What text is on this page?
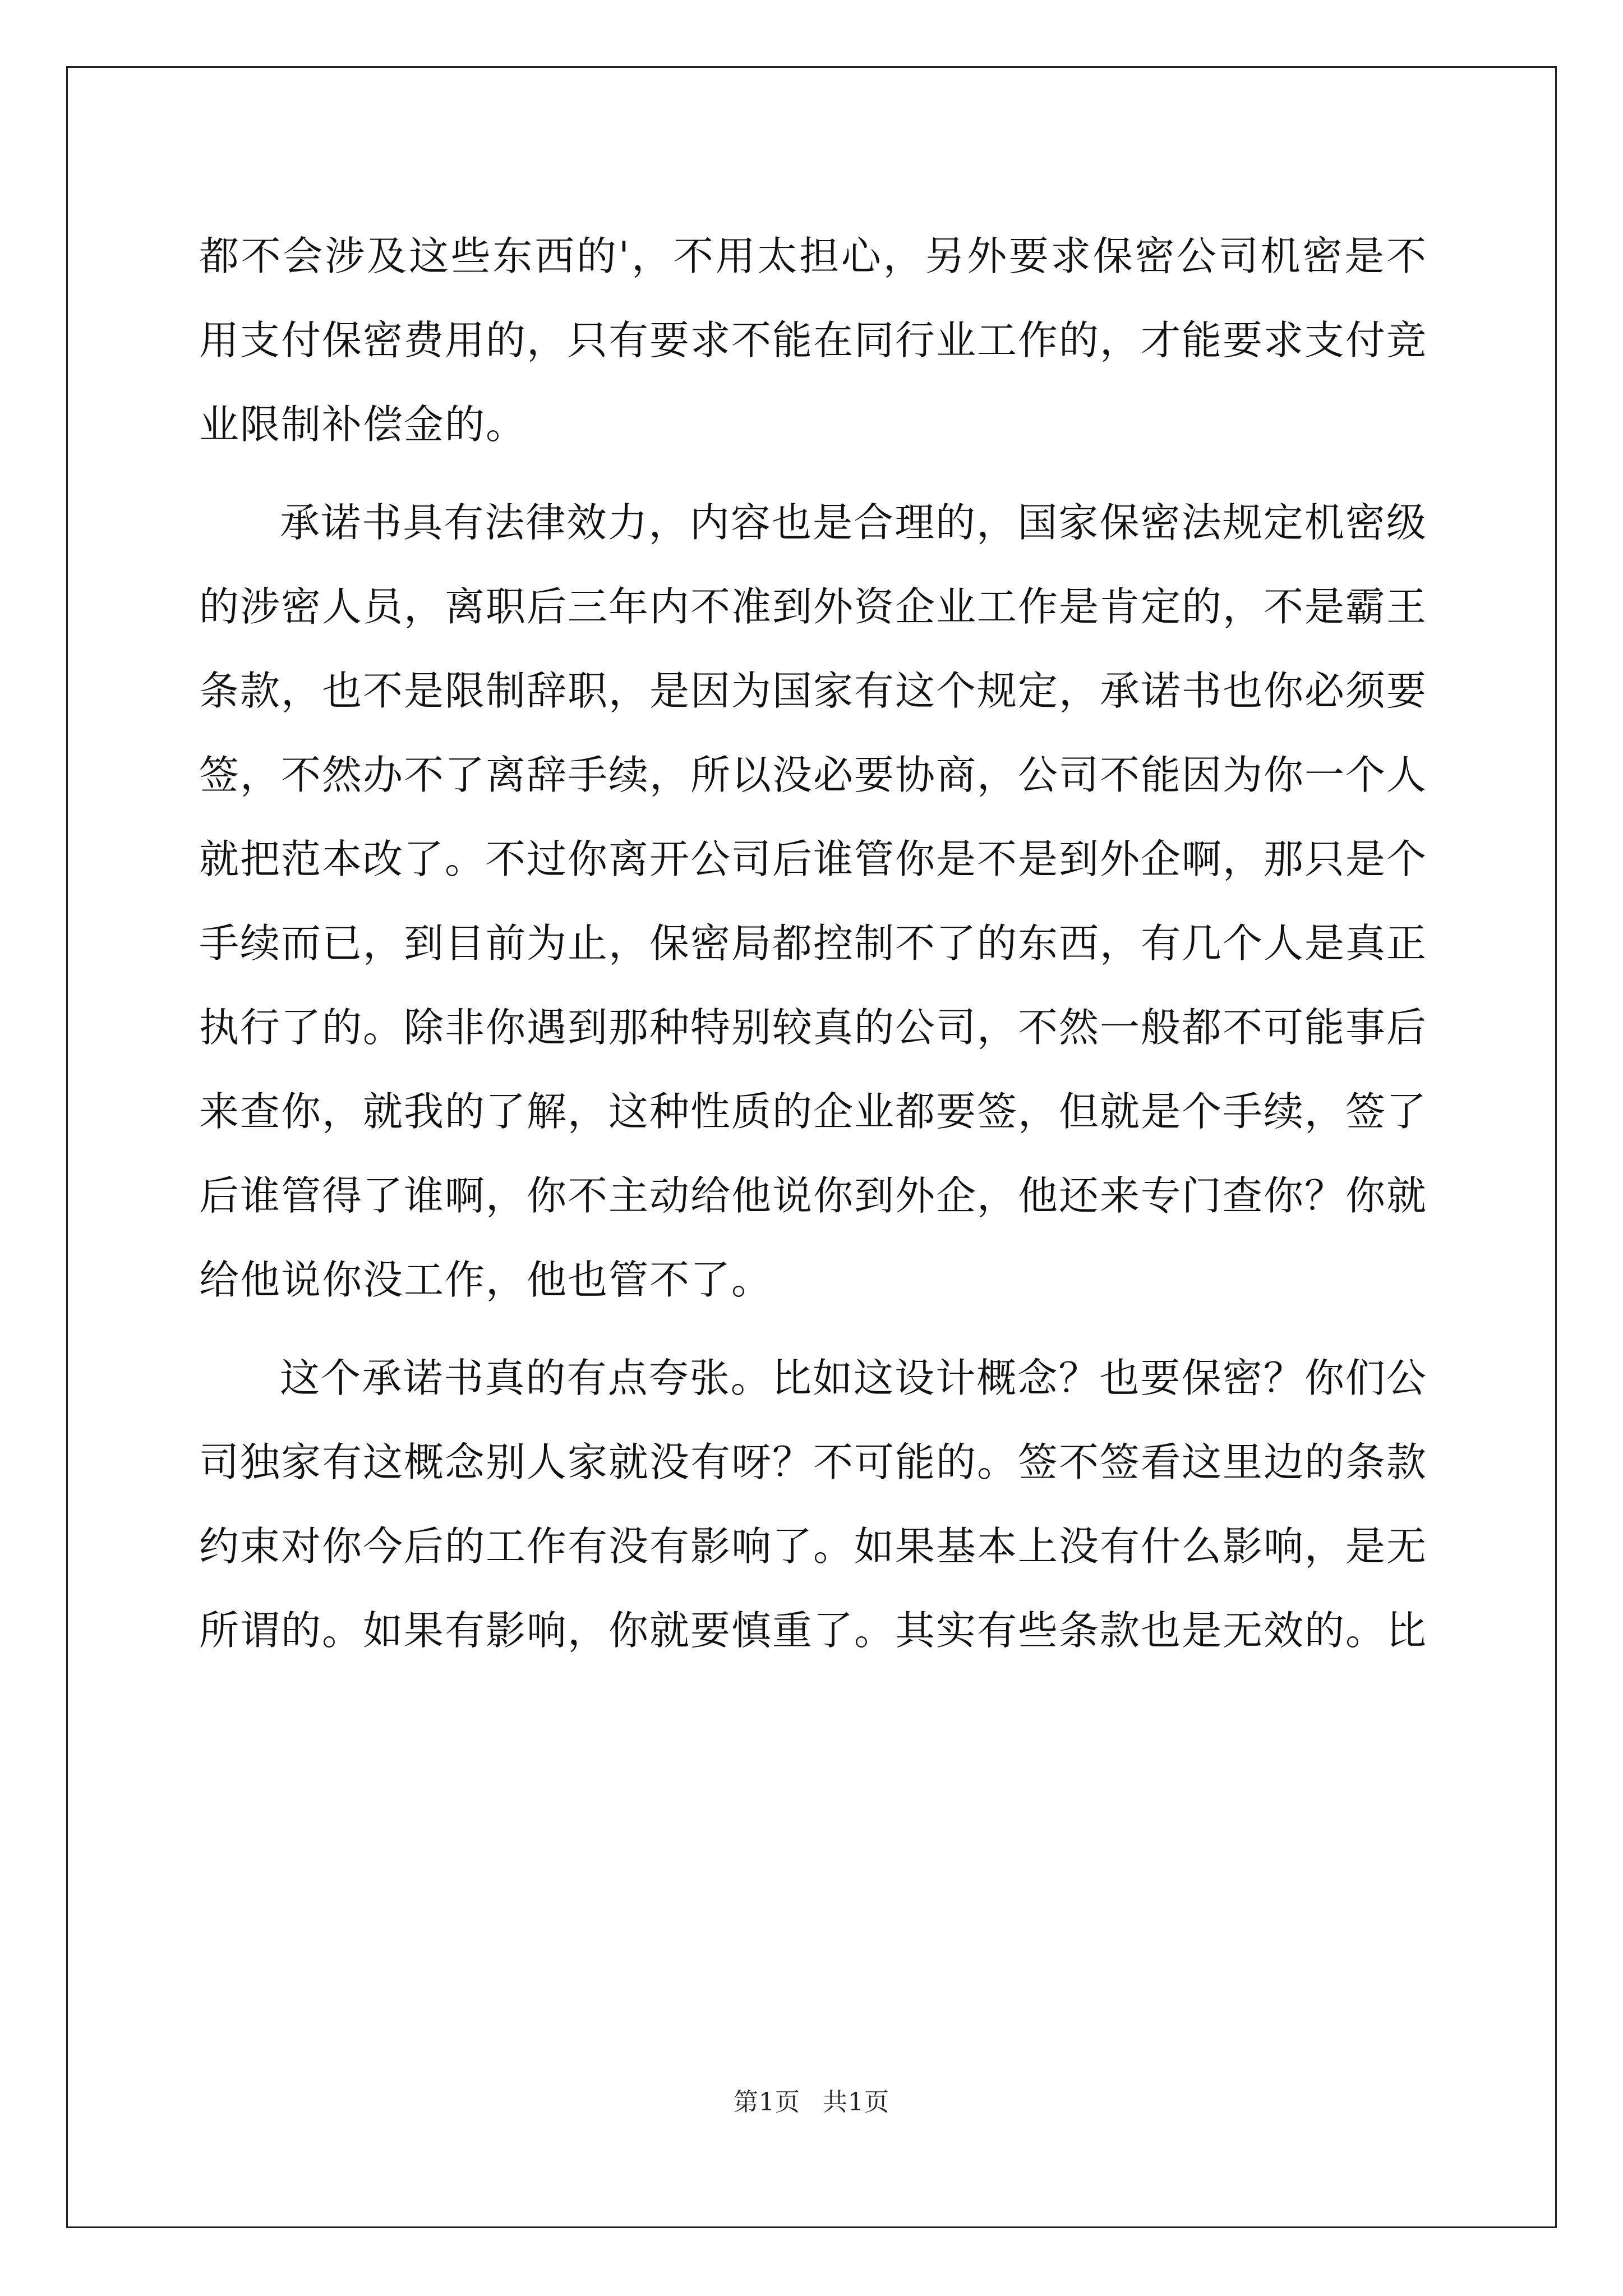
都不会涉及这些东西的'，不用太担心，另外要求保密公司机密是不用支付保密费用的，只有要求不能在同行业工作的，才能要求支付竞业限制补偿金的。

承诺书具有法律效力，内容也是合理的，国家保密法规定机密级的涉密人员，离职后三年内不准到外资企业工作是肯定的，不是霸王条款，也不是限制辞职，是因为国家有这个规定，承诺书也你必须要签，不然办不了离辞手续，所以没必要协商，公司不能因为你一个人就把范本改了。不过你离开公司后谁管你是不是到外企啊，那只是个手续而已，到目前为止，保密局都控制不了的东西，有几个人是真正执行了的。除非你遇到那种特别较真的公司，不然一般都不可能事后来查你，就我的了解，这种性质的企业都要签，但就是个手续，签了后谁管得了谁啊，你不主动给他说你到外企，他还来专门查你？你就给他说你没工作，他也管不了。

这个承诺书真的有点夸张。比如这设计概念？也要保密？你们公司独家有这概念别人家就没有呀？不可能的。签不签看这里边的条款约束对你今后的工作有没有影响了。如果基本上没有什么影响，是无所谓的。如果有影响，你就要慎重了。其实有些条款也是无效的。比

第1页 共1页
